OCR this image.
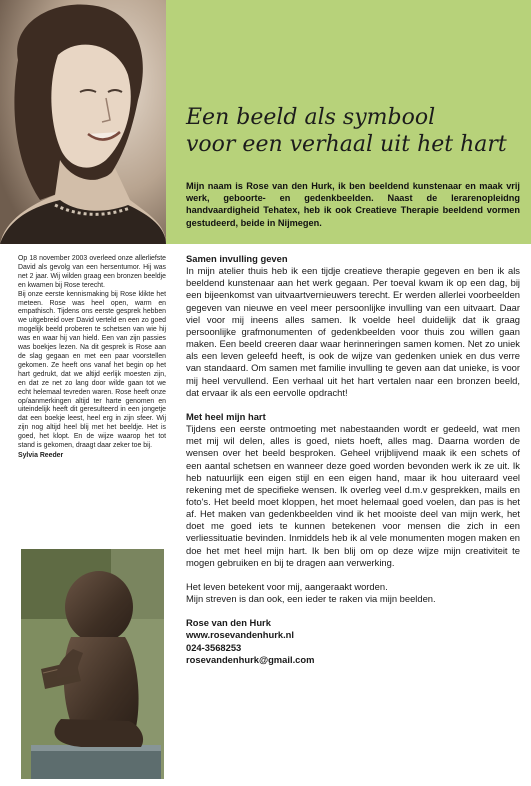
Een beeld als symbool
voor een verhaal uit het hart
Mijn naam is Rose van den Hurk, ik ben beeldend kunstenaar en maak vrij werk, geboorte- en gedenkbeelden. Naast de lerarenopleidng handvaardigheid Tehatex, heb ik ook Creatieve Therapie beeldend vormen gestudeerd, beide in Nijmegen.

Op 18 november 2003 overleed onze allerliefste David als gevolg van een hersentumor. Hij was net 2 jaar. Wij wilden graag een bronzen beeldje en kwamen bij Rose terecht.

Bij onze eerste kennismaking bij Rose klikte het meteen. Rose was heel open, warm en empathisch. Tijdens ons eerste gesprek hebben we uitgebreid over David verteld en een zo goed mogelijk beeld proberen te schetsen van wie hij was en waar hij van hield. Een van zijn passies was boekjes lezen. Na dit gesprek is Rose aan de slag gegaan en met een paar voorstellen gekomen. Ze heeft ons vanaf het begin op het hart gedrukt, dat we altijd eerlijk moesten zijn, en dat ze net zo lang door wilde gaan tot we echt helemaal tevreden waren. Rose heeft onze op/aanmerkingen altijd ter harte genomen en uiteindelijk heeft dit geresulteerd in een jongetje dat een boekje leest, heel erg in zijn sfeer. Wij zijn nog altijd heel blij met het beeldje. Het is goed, het klopt. En de wijze waarop het tot stand is gekomen, draagt daar zeker toe bij.

Sylvia Reeder

Samen invulling geven

In mijn atelier thuis heb ik een tijdje creatieve therapie gegeven en ben ik als beeldend kunstenaar aan het werk gegaan. Per toeval kwam ik op een dag, bij een bijeenkomst van uitvaartvernieuwers terecht. Er werden allerlei voorbeelden gegeven van nieuwe en veel meer persoonlijke invulling van een uitvaart. Daar viel voor mij ineens alles samen. Ik voelde heel duidelijk dat ik graag persoonlijke grafmonumenten of gedenkbeelden voor thuis zou willen gaan maken. Een beeld creeren daar waar herinneringen samen komen. Net zo uniek als een leven geleefd heeft, is ook de wijze van gedenken uniek en dus verre van standaard. Om samen met familie invulling te geven aan dat unieke, is voor mij heel vervullend. Een verhaal uit het hart vertalen naar een bronzen beeld, dat ervaar ik als een eervolle opdracht!

Met heel mijn hart

Tijdens een eerste ontmoeting met nabestaanden wordt er gedeeld, wat men met mij wil delen, alles is goed, niets hoeft, alles mag. Daarna worden de wensen over het beeld besproken. Geheel vrijblijvend maak ik een schets of een aantal schetsen en wanneer deze goed worden bevonden werk ik ze uit. Ik heb natuurlijk een eigen stijl en een eigen hand, maar ik hou uiteraard veel rekening met de specifieke wensen. Ik overleg veel d.m.v gesprekken, mails en foto's. Het beeld moet kloppen, het moet helemaal goed voelen, dan pas is het af. Het maken van gedenkbeelden vind ik het mooiste deel van mijn werk, het doet me goed iets te kunnen betekenen voor mensen die zich in een verliessituatie bevinden. Inmiddels heb ik al vele monumenten mogen maken en doe het met heel mijn hart. Ik ben blij om op deze wijze mijn creativiteit te mogen gebruiken en bij te dragen aan verwerking.

Het leven betekent voor mij, aangeraakt worden.

Mijn streven is dan ook, een ieder te raken via mijn beelden.

Rose van den Hurk

www.rosevandenhurk.nl

024-3568253

rosevandenhurk@gmail.com
